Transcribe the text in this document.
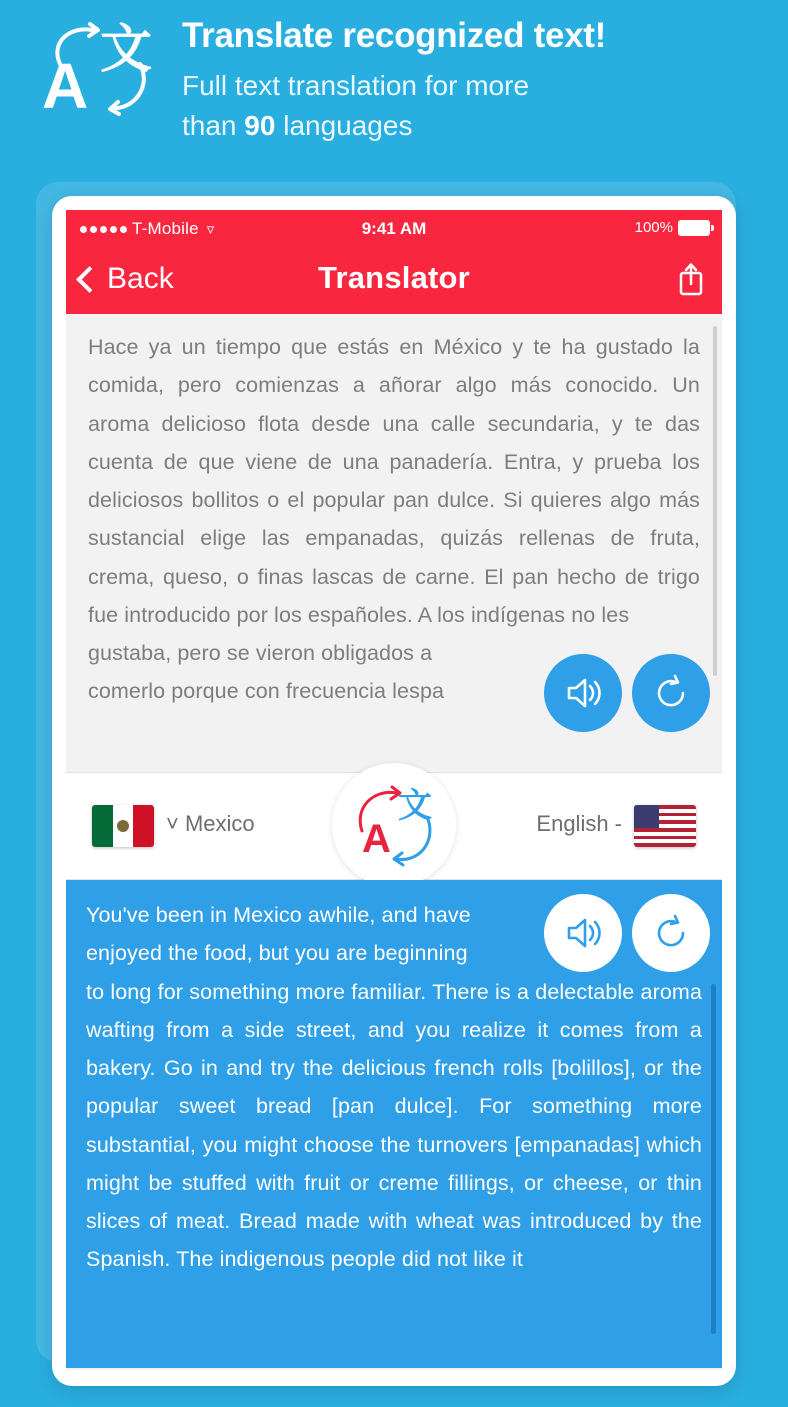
A 文 Translate recognized text!
Full text translation for more
than 90 languages
T-Mobile ▿	9:41 AM	100%
Back	Translator
Hace ya un tiempo que estás en México y te ha gustado la comida, pero comienzas a añorar algo más conocido. Un aroma delicioso flota desde una calle secundaria, y te das cuenta de que viene de una panadería. Entra, y prueba los deliciosos bollitos o el popular pan dulce. Si quieres algo más sustancial elige las empanadas, quizás rellenas de fruta, crema, queso, o finas lascas de carne. El pan hecho de trigo fue introducido por los españoles. A los indígenas no les
gustaba, pero se vieron obligados a
comerlo porque con frecuencia lespa
˅ Mexico	A
文	English -
You've been in Mexico awhile, and have
enjoyed the food, but you are beginning
to long for something more familiar. There is a delectable aroma wafting from a side street, and you realize it comes from a bakery. Go in and try the delicious french rolls [bolillos], or the popular sweet bread [pan dulce]. For something more substantial, you might choose the turnovers [empanadas] which might be stuffed with fruit or creme fillings, or cheese, or thin slices of meat. Bread made with wheat was introduced by the Spanish. The indigenous people did not like it
